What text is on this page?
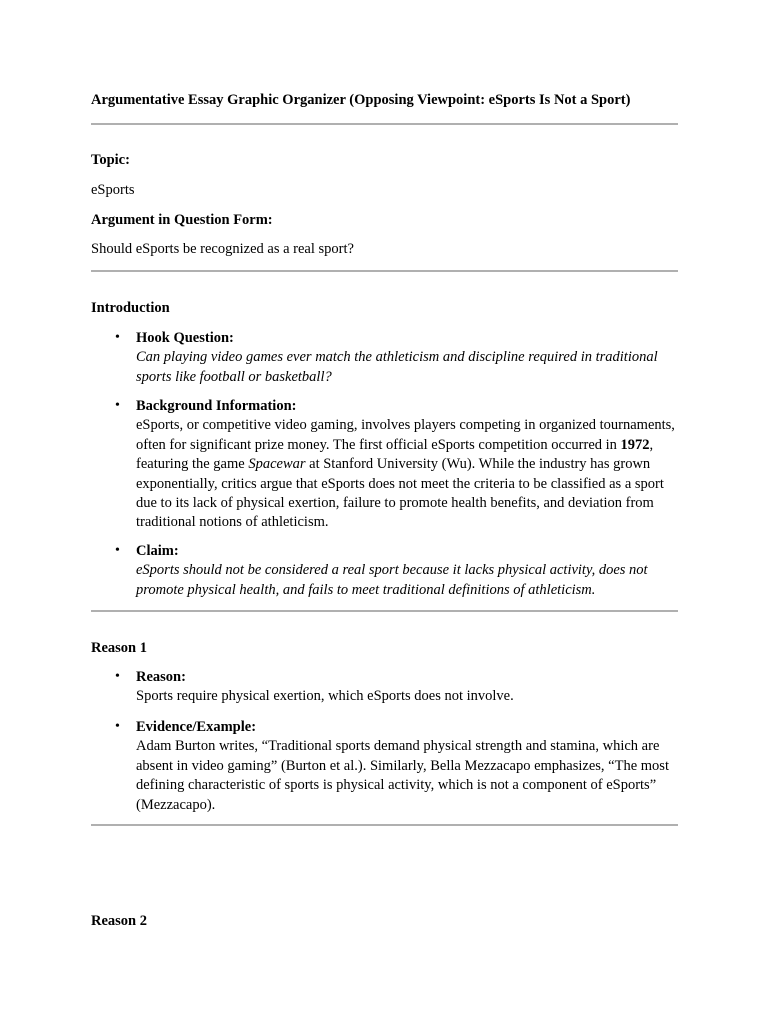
Argumentative Essay Graphic Organizer (Opposing Viewpoint: eSports Is Not a Sport)

Topic:

eSports

Argument in Question Form:

Should eSports be recognized as a real sport?

Introduction

• Hook Question:
Can playing video games ever match the athleticism and discipline required in traditional sports like football or basketball?
• Background Information:
eSports, or competitive video gaming, involves players competing in organized tournaments, often for significant prize money. The first official eSports competition occurred in 1972, featuring the game Spacewar at Stanford University (Wu). While the industry has grown exponentially, critics argue that eSports does not meet the criteria to be classified as a sport due to its lack of physical exertion, failure to promote health benefits, and deviation from traditional notions of athleticism.
• Claim:
eSports should not be considered a real sport because it lacks physical activity, does not promote physical health, and fails to meet traditional definitions of athleticism.

Reason 1

• Reason:
Sports require physical exertion, which eSports does not involve.
• Evidence/Example:
Adam Burton writes, “Traditional sports demand physical strength and stamina, which are absent in video gaming” (Burton et al.). Similarly, Bella Mezzacapo emphasizes, “The most defining characteristic of sports is physical activity, which is not a component of eSports” (Mezzacapo).

Reason 2
